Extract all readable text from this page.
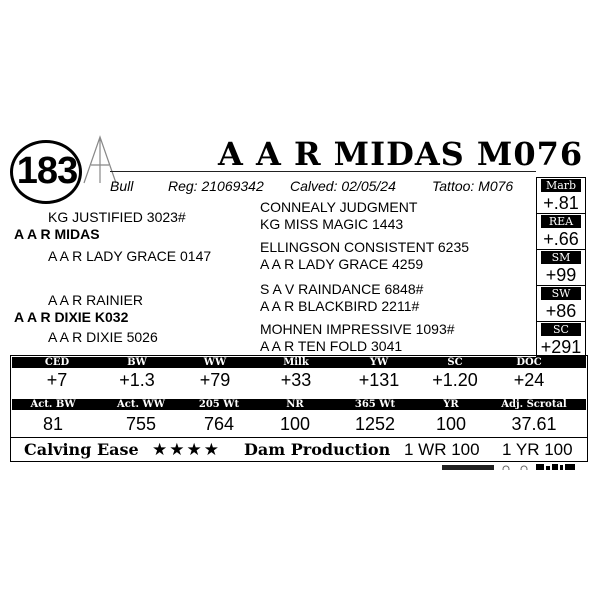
183	A A R MIDAS M076
Bull Reg: 21069342 Calved: 02/05/24	Tattoo: M076
KG JUSTIFIED 3023#
A A R MIDAS
A A R LADY GRACE 0147
A A R RAINIER
A A R DIXIE K032
A A R DIXIE 5026
CONNEALY JUDGMENT
KG MISS MAGIC 1443
ELLINGSON CONSISTENT 6235
A A R LADY GRACE 4259
S A V RAINDANCE 6848#
A A R BLACKBIRD 2211#
MOHNEN IMPRESSIVE 1093#
A A R TEN FOLD 3041
Marb
+.81
REA
+.66
SM
+99
SW
+86
SC
+291
CED	BW	WW	Milk	YW	SC	DOC
+7	+1.3	+79	+33	+131	+1.20	+24
Act. BW	Act. WW	205 Wt	NR	365 Wt	YR	Adj. Scrotal
81	755	764	100	1252	100	37.61
Calving Ease ★★★★ Dam Production 1 WR 100 1 YR 100
